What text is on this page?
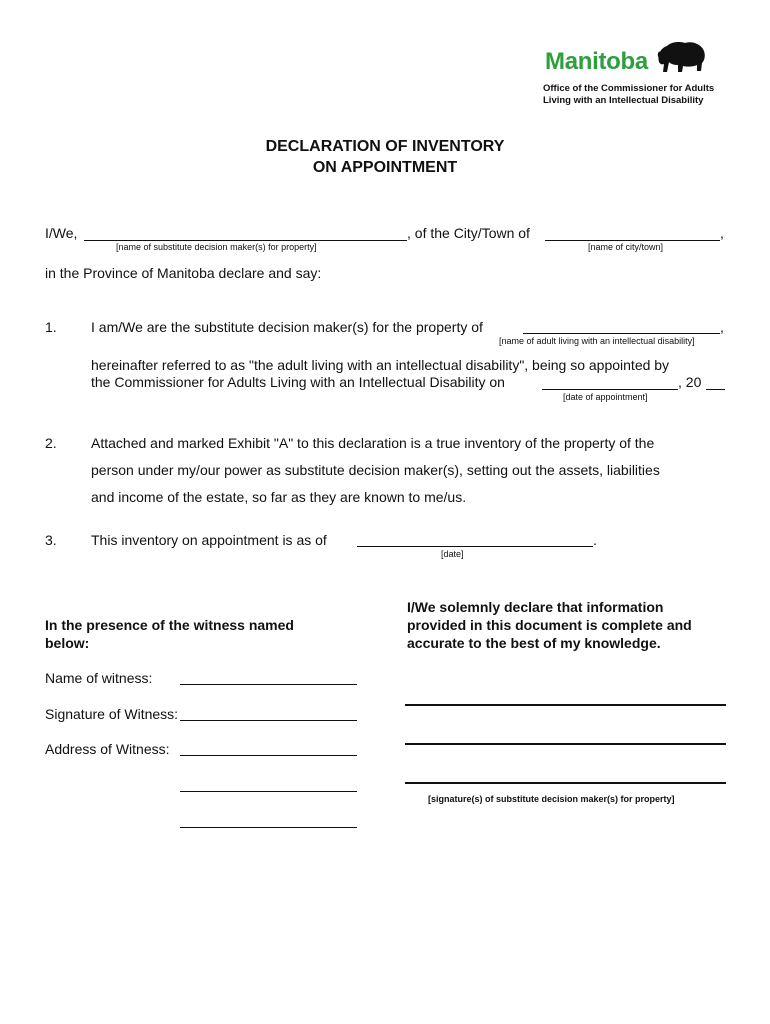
Manitoba
Office of the Commissioner for Adults
Living with an Intellectual Disability
DECLARATION OF INVENTORY
ON APPOINTMENT
I/We,	, of the City/Town of	,
[name of substitute decision maker(s) for property]	[name of city/town]
in the Province of Manitoba declare and say:
1. I am/We are the substitute decision maker(s) for the property of	,
[name of adult living with an intellectual disability]
hereinafter referred to as "the adult living with an intellectual disability", being so appointed by
the Commissioner for Adults Living with an Intellectual Disability on	, 20
[date of appointment]
2. Attached and marked Exhibit "A" to this declaration is a true inventory of the property of the
person under my/our power as substitute decision maker(s), setting out the assets, liabilities
and income of the estate, so far as they are known to me/us.
3. This inventory on appointment is as of	.
[date]
In the presence of the witness named
below:
Name of witness:
Signature of Witness:
Address of Witness:
I/We solemnly declare that information
provided in this document is complete and
accurate to the best of my knowledge.
[signature(s) of substitute decision maker(s) for property]
